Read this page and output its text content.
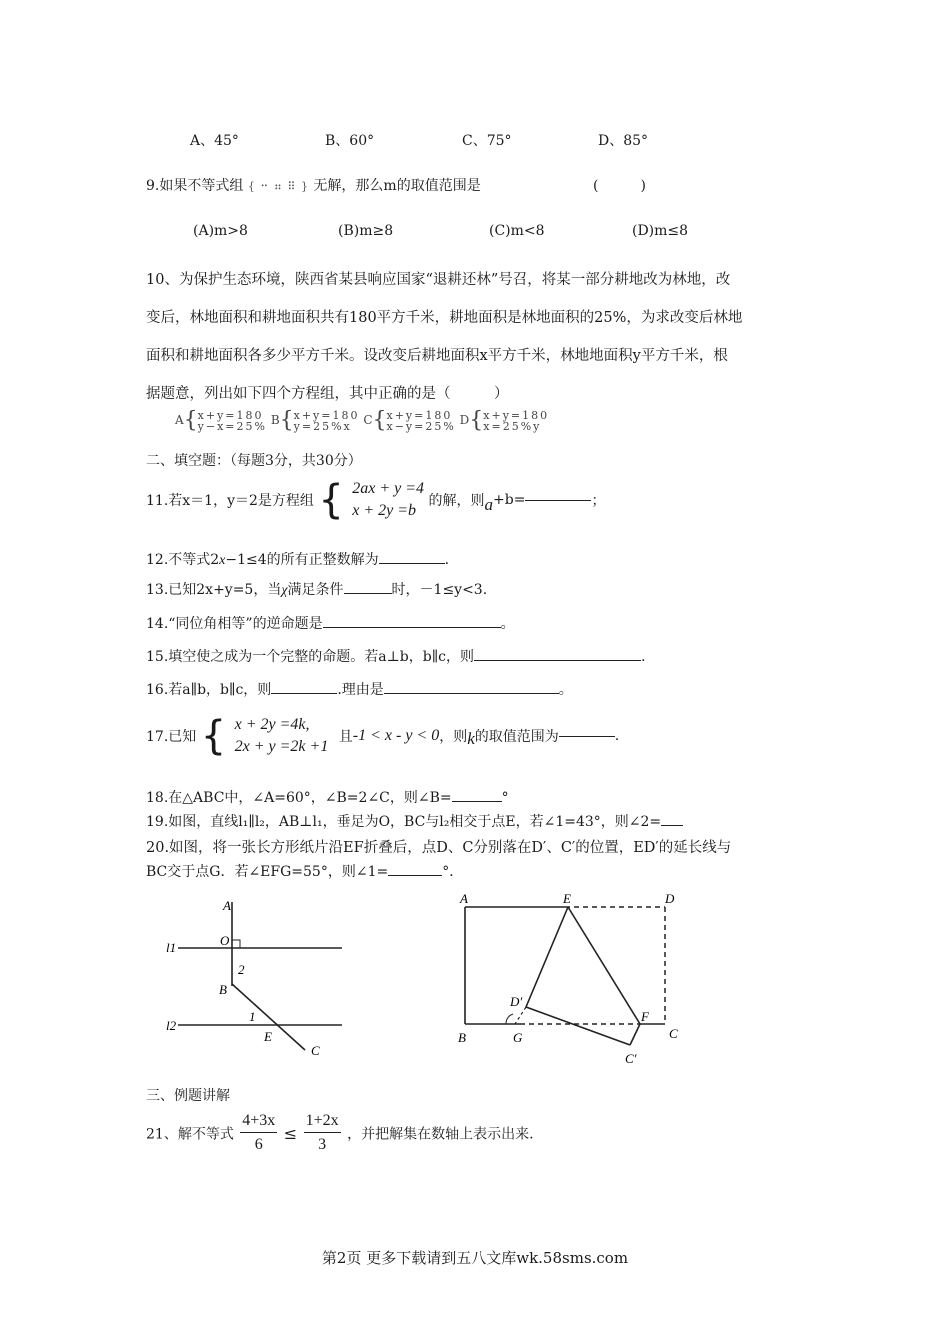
A、45°	B、60°	C、75°	D、85°
9.如果不等式组 { ⠒ ⠶ ⠿ } 无解，那么m的取值范围是	(　　　)
(A)m>8	(B)m≥8	(C)m<8	(D)m≤8
10、为保护生态环境，陕西省某县响应国家“退耕还林”号召，将某一部分耕地改为林地，改
变后，林地面积和耕地面积共有180平方千米，耕地面积是林地面积的25%，为求改变后林地
面积和耕地面积各多少平方千米。设改变后耕地面积x平方千米，林地地面积y平方千米，根
据题意，列出如下四个方程组，其中正确的是（　　　）
A{x+y=180
y−x=25% B{x+y=180
y=25%x C{x+y=180
x−y=25% D{x+y=180
x=25%y
二、填空题：（每题3分，共30分）
11.若x＝1，y＝2是方程组 { 2ax + y =4
x + 2y =b
的解，则a+b=	；
12.不等式2x−1≤4的所有正整数解为	.
13.已知2x+y=5，当χ满足条件	时，－1≤y<3.
14.“同位角相等”的逆命题是	。
15.填空使之成为一个完整的命题。若a⊥b，b∥c，则	.
16.若a∥b，b∥c，则	.理由是	。
17.已知 { x + 2y =4k,
2x + y =2k +1
且-1 < x - y < 0，则k的取值范围为	.
18.在△ABC中，∠A=60°，∠B=2∠C，则∠B=	°
19.如图，直线l₁∥l₂，AB⊥l₁，垂足为O，BC与l₂相交于点E，若∠1=43°，则∠2=
20.如图，将一张长方形纸片沿EF折叠后，点D、C分别落在D′、C′的位置，ED′的延长线与
BC交于点G．若∠EFG=55°，则∠1=	°．
A
O
l1
2
B
l2
1
E
C
A	E	D
D′
F
C
B	G
C′
三、例题讲解
21、解不等式 $\frac{4+3x}{6} \le \frac{1+2x}{3}$ ，并把解集在数轴上表示出来.
第2页 更多下载请到五八文库wk.58sms.com
